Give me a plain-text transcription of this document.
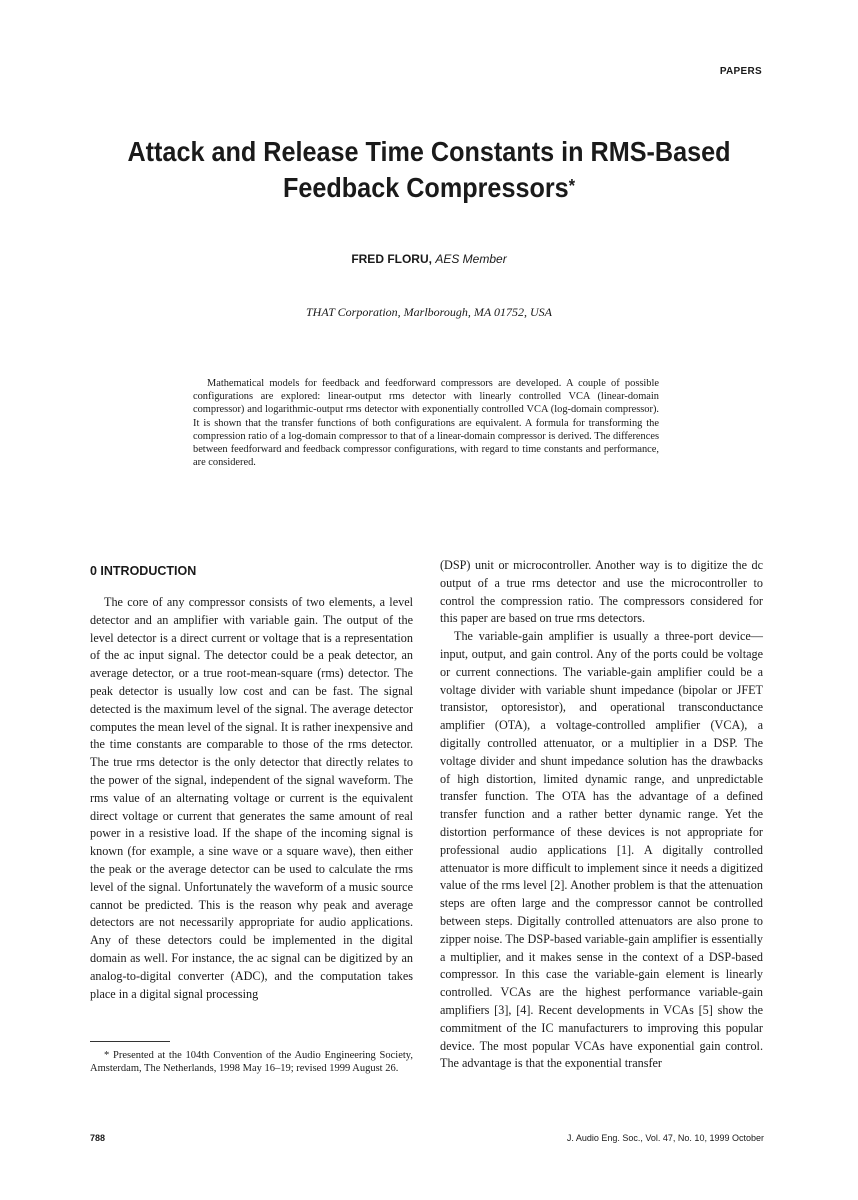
PAPERS
Attack and Release Time Constants in RMS-Based Feedback Compressors*
FRED FLORU, AES Member
THAT Corporation, Marlborough, MA 01752, USA

Mathematical models for feedback and feedforward compressors are developed. A couple of possible configurations are explored: linear-output rms detector with linearly controlled VCA (linear-domain compressor) and logarithmic-output rms detector with exponentially controlled VCA (log-domain compressor). It is shown that the transfer functions of both configurations are equivalent. A formula for transforming the compression ratio of a log-domain compressor to that of a linear-domain compressor is derived. The differences between feedforward and feedback compressor configurations, with regard to time constants and performance, are considered.

0 INTRODUCTION

The core of any compressor consists of two elements, a level detector and an amplifier with variable gain. The output of the level detector is a direct current or voltage that is a representation of the ac input signal. The detector could be a peak detector, an average detector, or a true root-mean-square (rms) detector. The peak detector is usually low cost and can be fast. The signal detected is the maximum level of the signal. The average detector computes the mean level of the signal. It is rather inexpensive and the time constants are comparable to those of the rms detector. The true rms detector is the only detector that directly relates to the power of the signal, independent of the signal waveform. The rms value of an alternating voltage or current is the equivalent direct voltage or current that generates the same amount of real power in a resistive load. If the shape of the incoming signal is known (for example, a sine wave or a square wave), then either the peak or the average detector can be used to calculate the rms level of the signal. Unfortunately the waveform of a music source cannot be predicted. This is the reason why peak and average detectors are not necessarily appropriate for audio applications. Any of these detectors could be implemented in the digital domain as well. For instance, the ac signal can be digitized by an analog-to-digital converter (ADC), and the computation takes place in a digital signal processing

(DSP) unit or microcontroller. Another way is to digitize the dc output of a true rms detector and use the microcontroller to control the compression ratio. The compressors considered for this paper are based on true rms detectors.

The variable-gain amplifier is usually a three-port device—input, output, and gain control. Any of the ports could be voltage or current connections. The variable-gain amplifier could be a voltage divider with variable shunt impedance (bipolar or JFET transistor, optoresistor), and operational transconductance amplifier (OTA), a voltage-controlled amplifier (VCA), a digitally controlled attenuator, or a multiplier in a DSP. The voltage divider and shunt impedance solution has the drawbacks of high distortion, limited dynamic range, and unpredictable transfer function. The OTA has the advantage of a defined transfer function and a rather better dynamic range. Yet the distortion performance of these devices is not appropriate for professional audio applications [1]. A digitally controlled attenuator is more difficult to implement since it needs a digitized value of the rms level [2]. Another problem is that the attenuation steps are often large and the compressor cannot be controlled between steps. Digitally controlled attenuators are also prone to zipper noise. The DSP-based variable-gain amplifier is essentially a multiplier, and it makes sense in the context of a DSP-based compressor. In this case the variable-gain element is linearly controlled. VCAs are the highest performance variable-gain amplifiers [3], [4]. Recent developments in VCAs [5] show the commitment of the IC manufacturers to improving this popular device. The most popular VCAs have exponential gain control. The advantage is that the exponential transfer

* Presented at the 104th Convention of the Audio Engineering Society, Amsterdam, The Netherlands, 1998 May 16–19; revised 1999 August 26.

788	J. Audio Eng. Soc., Vol. 47, No. 10, 1999 October
